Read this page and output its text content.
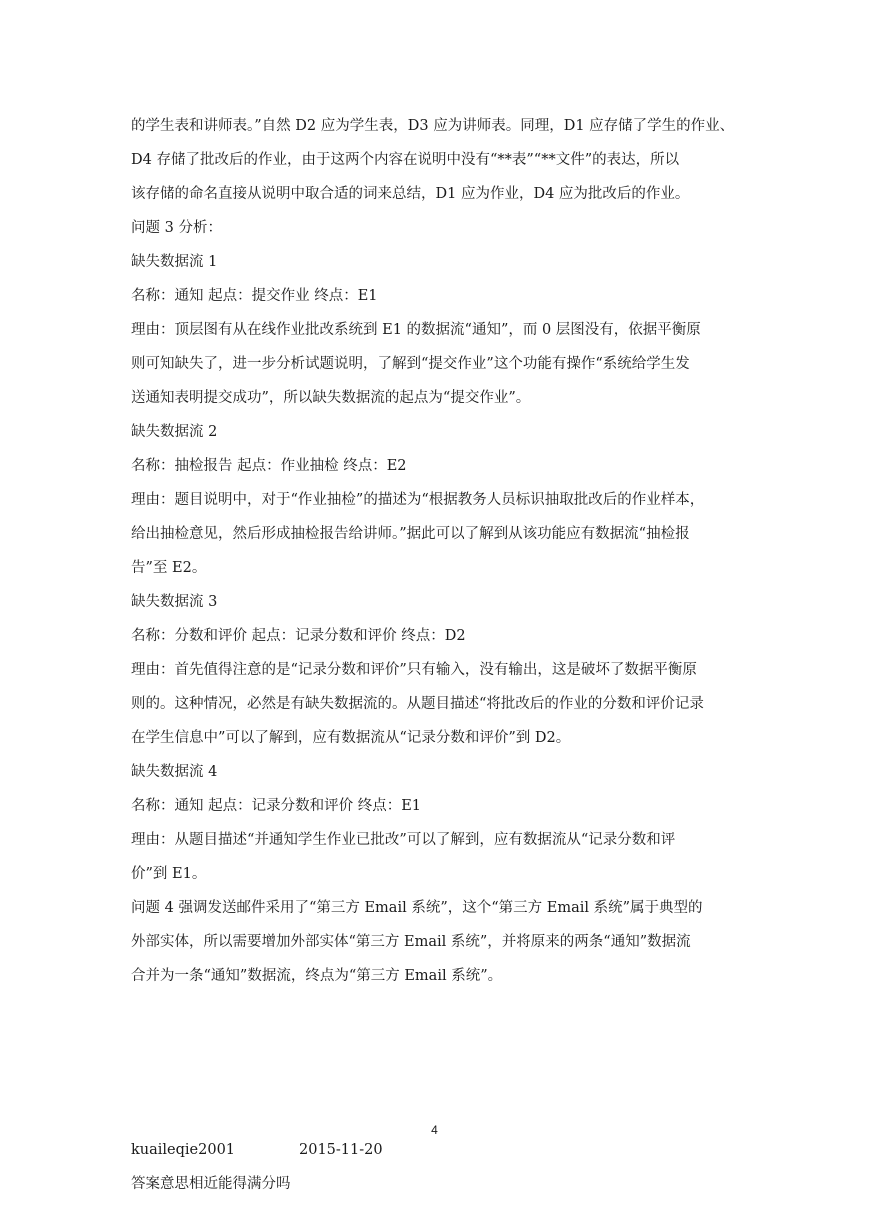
的学生表和讲师表。”自然 D2 应为学生表，D3 应为讲师表。同理，D1 应存储了学生的作业、
D4 存储了批改后的作业，由于这两个内容在说明中没有“**表”“**文件”的表达，所以
该存储的命名直接从说明中取合适的词来总结，D1 应为作业，D4 应为批改后的作业。
问题 3 分析：
缺失数据流 1
名称：通知 起点：提交作业 终点：E1
理由：顶层图有从在线作业批改系统到 E1 的数据流“通知”，而 0 层图没有，依据平衡原
则可知缺失了，进一步分析试题说明，了解到“提交作业”这个功能有操作“系统给学生发
送通知表明提交成功”，所以缺失数据流的起点为“提交作业”。
缺失数据流 2
名称：抽检报告 起点：作业抽检 终点：E2
理由：题目说明中，对于“作业抽检”的描述为“根据教务人员标识抽取批改后的作业样本，
给出抽检意见，然后形成抽检报告给讲师。”据此可以了解到从该功能应有数据流“抽检报
告”至 E2。
缺失数据流 3
名称：分数和评价 起点：记录分数和评价 终点：D2
理由：首先值得注意的是“记录分数和评价”只有输入，没有输出，这是破坏了数据平衡原
则的。这种情况，必然是有缺失数据流的。从题目描述“将批改后的作业的分数和评价记录
在学生信息中”可以了解到，应有数据流从“记录分数和评价”到 D2。
缺失数据流 4
名称：通知 起点：记录分数和评价 终点：E1
理由：从题目描述“并通知学生作业已批改”可以了解到，应有数据流从“记录分数和评
价”到 E1。
问题 4 强调发送邮件采用了“第三方 Email 系统”，这个“第三方 Email 系统”属于典型的
外部实体，所以需要增加外部实体“第三方 Email 系统”，并将原来的两条“通知”数据流
合并为一条“通知”数据流，终点为“第三方 Email 系统”。
kuaileqie2001	2015-11-20
答案意思相近能得满分吗
4
